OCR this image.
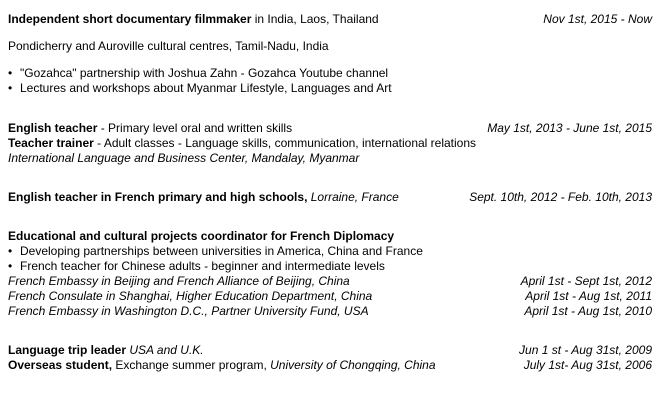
Independent short documentary filmmaker in India, Laos, Thailand	Nov 1st, 2015 - Now
Pondicherry and Auroville cultural centres, Tamil-Nadu, India
• "Gozahca" partnership with Joshua Zahn - Gozahca Youtube channel
• Lectures and workshops about Myanmar Lifestyle, Languages and Art
English teacher - Primary level oral and written skills	May 1st, 2013 - June 1st, 2015
Teacher trainer - Adult classes - Language skills, communication, international relations
International Language and Business Center, Mandalay, Myanmar
English teacher in French primary and high schools, Lorraine, France	Sept. 10th, 2012 - Feb. 10th, 2013
Educational and cultural projects coordinator for French Diplomacy
• Developing partnerships between universities in America, China and France
• French teacher for Chinese adults - beginner and intermediate levels
French Embassy in Beijing and French Alliance of Beijing, China	April 1st - Sept 1st, 2012
French Consulate in Shanghai, Higher Education Department, China	April 1st - Aug 1st, 2011
French Embassy in Washington D.C., Partner University Fund, USA	April 1st - Aug 1st, 2010
Language trip leader USA and U.K.	Jun 1 st - Aug 31st, 2009
Overseas student, Exchange summer program, University of Chongqing, China	July 1st- Aug 31st, 2006
